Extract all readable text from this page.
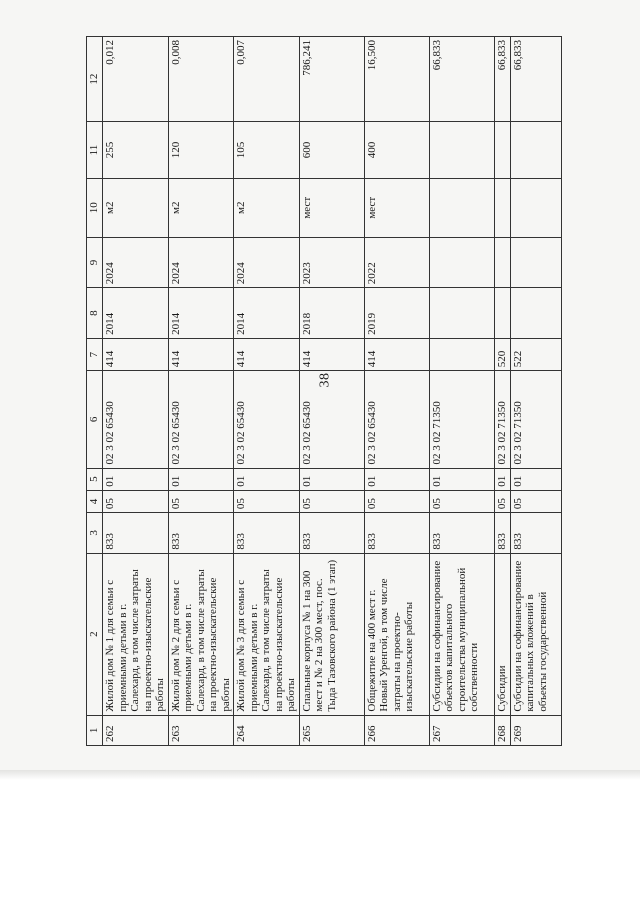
38
1	2	3	4	5	6	7	8	9	10	11	12
262	Жилой дом № 1 для семьи с приемными детьми в г. Салехард, в том числе затраты на проектно-изыскательские работы	833	05	01	02 3 02 65430	414	2014	2024	м2	255	0,012
263	Жилой дом № 2 для семьи с приемными детьми в г. Салехард, в том числе затраты на проектно-изыскательские работы	833	05	01	02 3 02 65430	414	2014	2024	м2	120	0,008
264	Жилой дом № 3 для семьи с приемными детьми в г. Салехард, в том числе затраты на проектно-изыскательские работы	833	05	01	02 3 02 65430	414	2014	2024	м2	105	0,007
265	Спальные корпуса № 1 на 300 мест и № 2 на 300 мест, пос. Тыда Тазовского района (1 этап)	833	05	01	02 3 02 65430	414	2018	2023	мест	600	786,241
266	Общежитие на 400 мест г. Новый Уренгой, в том числе затраты на проектно-изыскательские работы	833	05	01	02 3 02 65430	414	2019	2022	мест	400	16,500
267	Субсидии на софинансирование объектов капитального строительства муниципальной собственности	833	05	01	02 3 02 71350						66,833
268	Субсидии	833	05	01	02 3 02 71350	520					66,833
269	Субсидии на софинансирование капитальных вложений в объекты государственной	833	05	01	02 3 02 71350	522					66,833
